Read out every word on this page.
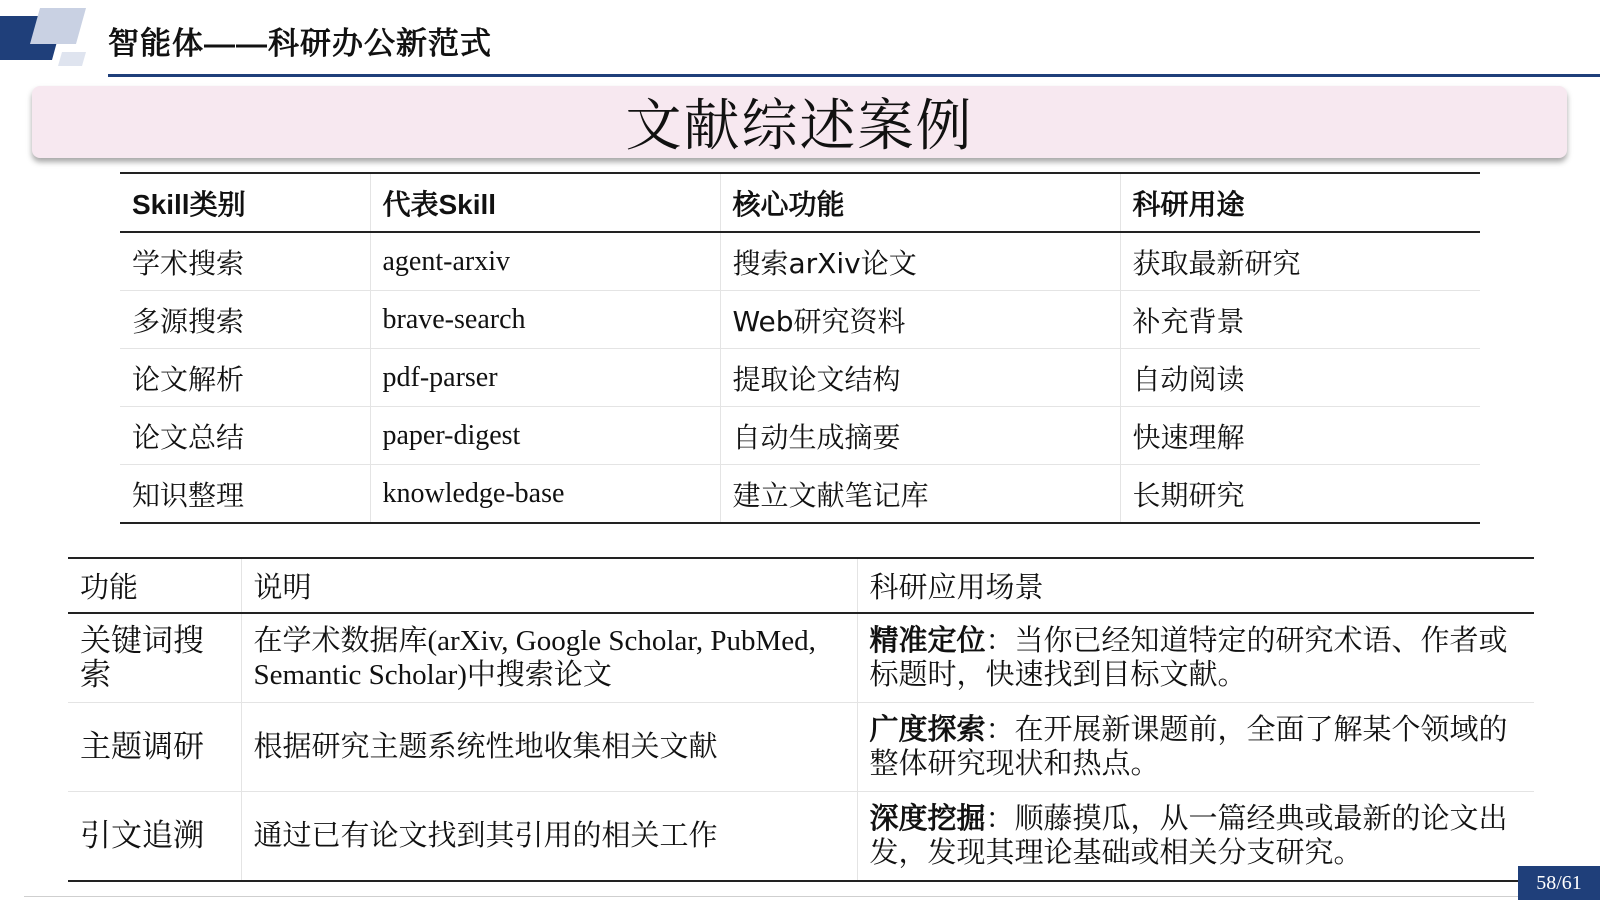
智能体——科研办公新范式
文献综述案例
Skill类别	代表Skill	核心功能	科研用途
学术搜索	agent-arxiv	搜索arXiv论文	获取最新研究
多源搜索	brave-search	Web研究资料	补充背景
论文解析	pdf-parser	提取论文结构	自动阅读
论文总结	paper-digest	自动生成摘要	快速理解
知识整理	knowledge-base	建立文献笔记库	长期研究
功能	说明	科研应用场景
关键词搜索	在学术数据库(arXiv, Google Scholar, PubMed, Semantic Scholar)中搜索论文	精准定位：当你已经知道特定的研究术语、作者或标题时，快速找到目标文献。
主题调研	根据研究主题系统性地收集相关文献	广度探索：在开展新课题前，全面了解某个领域的整体研究现状和热点。
引文追溯	通过已有论文找到其引用的相关工作	深度挖掘：顺藤摸瓜，从一篇经典或最新的论文出发，发现其理论基础或相关分支研究。
58/61
